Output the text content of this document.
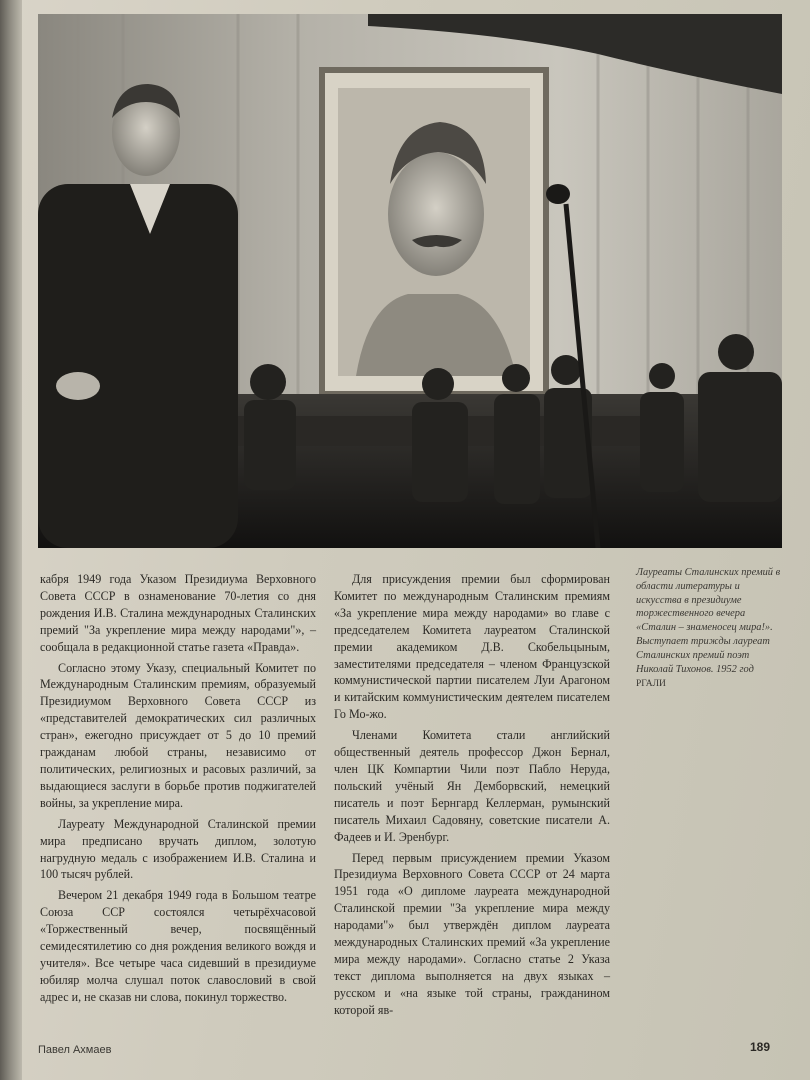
кабря 1949 года Указом Президиума Верховного Совета СССР в ознаменование 70-летия со дня рождения И.В. Сталина международных Сталинских премий "За укрепление мира между народами"», – сообщала в редакционной статье газета «Правда».

Согласно этому Указу, специальный Комитет по Международным Сталинским премиям, образуемый Президиумом Верховного Совета СССР из «представителей демократических сил различных стран», ежегодно присуждает от 5 до 10 премий гражданам любой страны, независимо от политических, религиозных и расовых различий, за выдающиеся заслуги в борьбе против поджигателей войны, за укрепление мира.

Лауреату Международной Сталинской премии мира предписано вручать диплом, золотую нагрудную медаль с изображением И.В. Сталина и 100 тысяч рублей.

Вечером 21 декабря 1949 года в Большом театре Союза ССР состоялся четырёхчасовой «Торжественный вечер, посвящённый семидесятилетию со дня рождения великого вождя и учителя». Все четыре часа сидевший в президиуме юбиляр молча слушал поток славословий в свой адрес и, не сказав ни слова, покинул торжество.

Для присуждения премии был сформирован Комитет по международным Сталинским премиям «За укрепление мира между народами» во главе с председателем Комитета лауреатом Сталинской премии академиком Д.В. Скобельцыным, заместителями председателя – членом Французской коммунистической партии писателем Луи Арагоном и китайским коммунистическим деятелем писателем Го Мо-жо.

Членами Комитета стали английский общественный деятель профессор Джон Бернал, член ЦК Компартии Чили поэт Пабло Неруда, польский учёный Ян Демборвский, немецкий писатель и поэт Бернгард Келлерман, румынский писатель Михаил Садовяну, советские писатели А. Фадеев и И. Эренбург.

Перед первым присуждением премии Указом Президиума Верховного Совета СССР от 24 марта 1951 года «О дипломе лауреата международной Сталинской премии "За укрепление мира между народами"» был утверждён диплом лауреата международных Сталинских премий «За укрепление мира между народами». Согласно статье 2 Указа текст диплома выполняется на двух языках – русском и «на языке той страны, гражданином которой яв-

Лауреаты Сталинских премий в области литературы и искусства в президиуме торжественного вечера «Сталин – знаменосец мира!». Выступает трижды лауреат Сталинских премий поэт Николай Тихонов. 1952 год
РГАЛИ
Павел Ахмаев	189
